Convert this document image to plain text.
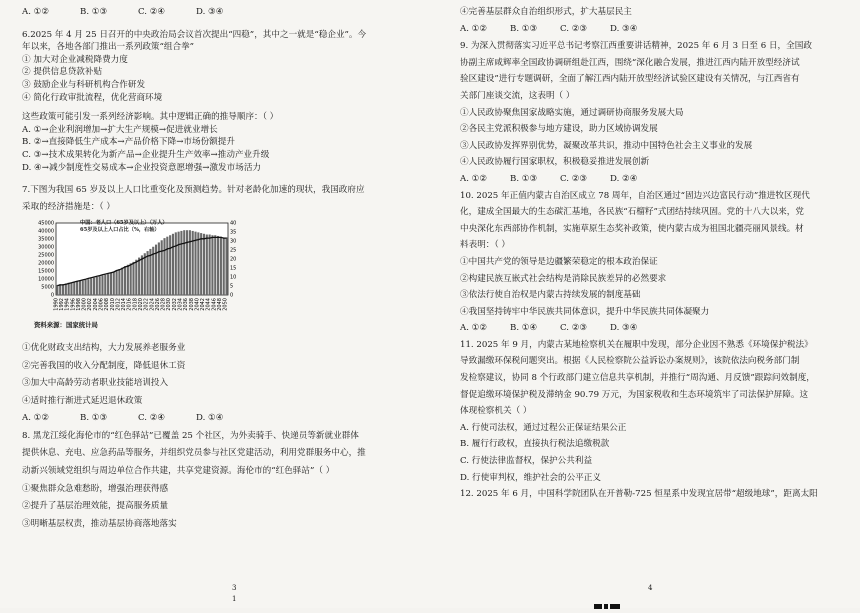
A. ①②	B. ①③	C. ②④	D. ③④
6.2025 年 4 月 25 日召开的中央政治局会议首次提出“四稳”，其中之一就是“稳企业”。今
年以来，各地各部门推出一系列政策“组合拳”
① 加大对企业减税降费力度
② 提供信息贷款补贴
③ 鼓励企业与科研机构合作研发
④ 简化行政审批流程，优化营商环境
这些政策可能引发一系列经济影响。其中逻辑正确的推导顺序：（ ）
A. ①→企业利润增加→扩大生产规模→促进就业增长
B. ②→直接降低生产成本→产品价格下降→市场份额提升
C. ③→技术成果转化为新产品→企业提升生产效率→推动产业升级
D. ④→减少制度性交易成本→企业投资意愿增强→激发市场活力
7.下图为我国 65 岁及以上人口比重变化及预测趋势。针对老龄化加速的现状，我国政府应
采取的经济措施是：（ ）
45000
40000
35000
30000
25000
20000
15000
10000
5000
0
40
35
30
25
20
15
10
5
0
1990 1992 1994 1996 1998 2000 2002 2004 2006 2008 2010 2012 2014 2016 2018 2020 2022 2024 2026 2028 2030 2032 2034 2036 2038 2040 2042 2044 2046 2048 2050
中国：老人口（65岁及以上）（万人）
65岁及以上人口占比（%，右轴）
资料来源：国家统计局
①优化财政支出结构，大力发展养老服务业
②完善我国的收入分配制度，降低退休工资
③加大中高龄劳动者职业技能培训投入
④适时推行渐进式延迟退休政策
A. ①②	B. ①③	C. ②④	D. ①④
8. 黑龙江绥化海伦市的“红色驿站”已覆盖 25 个社区，为外卖骑手、快递员等新就业群体
提供休息、充电、应急药品等服务，并组织党员参与社区党建活动，利用党群服务中心，推
动新兴领域党组织与周边单位合作共建，共享党建资源。海伦市的“红色驿站”（ ）
①聚焦群众急难愁盼，增强治理获得感
②提升了基层治理效能，提高服务质量
③明晰基层权责，推动基层协商落地落实
3
1
④完善基层群众自治组织形式，扩大基层民主
A. ①②	B. ①③	C. ②③	D. ③④
9. 为深入贯彻落实习近平总书记考察江西重要讲话精神，2025 年 6 月 3 日至 6 日，全国政
协副主席咸辉率全国政协调研组赴江西，围绕“深化融合发展，推进江西内陆开放型经济试
验区建设”进行专题调研，全面了解江西内陆开放型经济试验区建设有关情况，与江西省有
关部门座谈交流，这表明（ ）
①人民政协聚焦国家战略实施，通过调研协商服务发展大局
②各民主党派积极参与地方建设，助力区域协调发展
③人民政协发挥界别优势，凝聚改革共识，推动中国特色社会主义事业的发展
④人民政协履行国家职权，积极稳妥推进发展创新
A. ①②	B. ①③	C. ②③	D. ②④
10. 2025 年正值内蒙古自治区成立 78 周年，自治区通过“固边兴边富民行动”推进牧区现代
化，建成全国最大的生态碳汇基地，各民族“石榴籽”式团结持续巩固。党的十八大以来，党
中央深化东西部协作机制，实施草原生态奖补政策，使内蒙古成为祖国北疆亮丽风景线。材
料表明：（ ）
①中国共产党的领导是边疆繁荣稳定的根本政治保证
②构建民族互嵌式社会结构是消除民族差异的必然要求
③依法行使自治权是内蒙古持续发展的制度基础
④我国坚持铸牢中华民族共同体意识，提升中华民族共同体凝聚力
A. ①②	B. ①④	C. ②③	D. ③④
11. 2025 年 9 月，内蒙古某地检察机关在履职中发现，部分企业因不熟悉《环境保护税法》
导致漏缴环保税问题突出。根据《人民检察院公益诉讼办案规则》，该院依法向税务部门制
发检察建议，协同 8 个行政部门建立信息共享机制，并推行“周沟通、月反馈”跟踪问效制度，
督促追缴环境保护税及滞纳金 90.79 万元，为国家税收和生态环境筑牢了司法保护屏障。这
体现检察机关（ ）
A. 行使司法权，通过过程公正保证结果公正
B. 履行行政权，直接执行税法追缴税款
C. 行使法律监督权，保护公共利益
D. 行使审判权，维护社会的公平正义
12. 2025 年 6 月，中国科学院团队在开普勒-725 恒星系中发现宜居带“超级地球”，距离太阳
4
